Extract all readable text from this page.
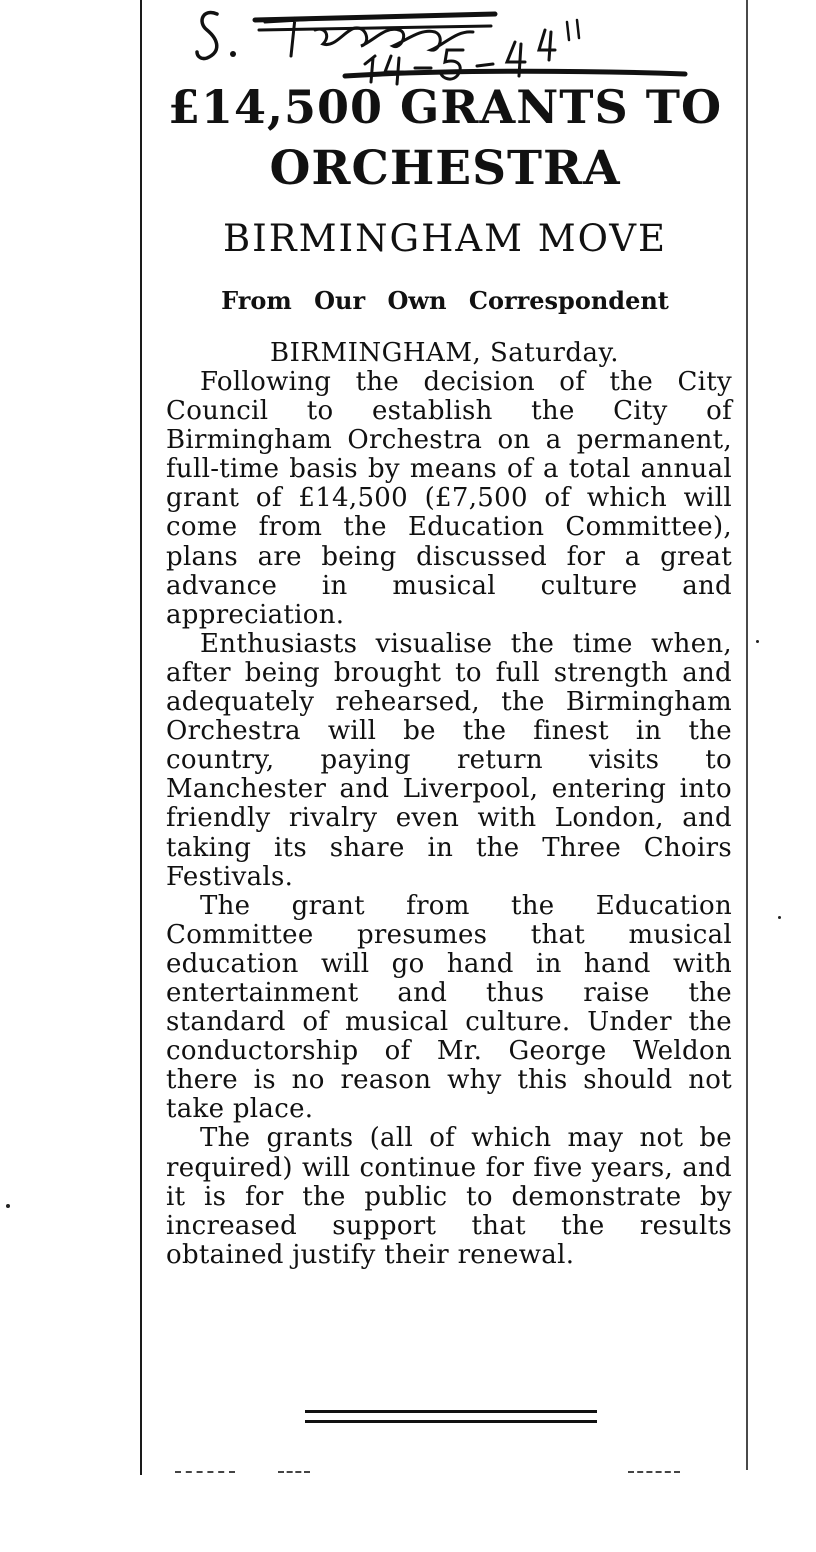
£14,500 GRANTS TO
ORCHESTRA
BIRMINGHAM MOVE
From Our Own Correspondent
BIRMINGHAM, Saturday.

Following the decision of the City Council to establish the City of Birmingham Orchestra on a permanent, full-time basis by means of a total annual grant of £14,500 (£7,500 of which will come from the Education Committee), plans are being discussed for a great advance in musical culture and appreciation.

Enthusiasts visualise the time when, after being brought to full strength and adequately rehearsed, the Birmingham Orchestra will be the finest in the country, paying return visits to Manchester and Liverpool, entering into friendly rivalry even with London, and taking its share in the Three Choirs Festivals.

The grant from the Education Committee presumes that musical education will go hand in hand with entertainment and thus raise the standard of musical culture. Under the conductorship of Mr. George Weldon there is no reason why this should not take place.

The grants (all of which may not be required) will continue for five years, and it is for the public to demonstrate by increased support that the results obtained justify their renewal.
